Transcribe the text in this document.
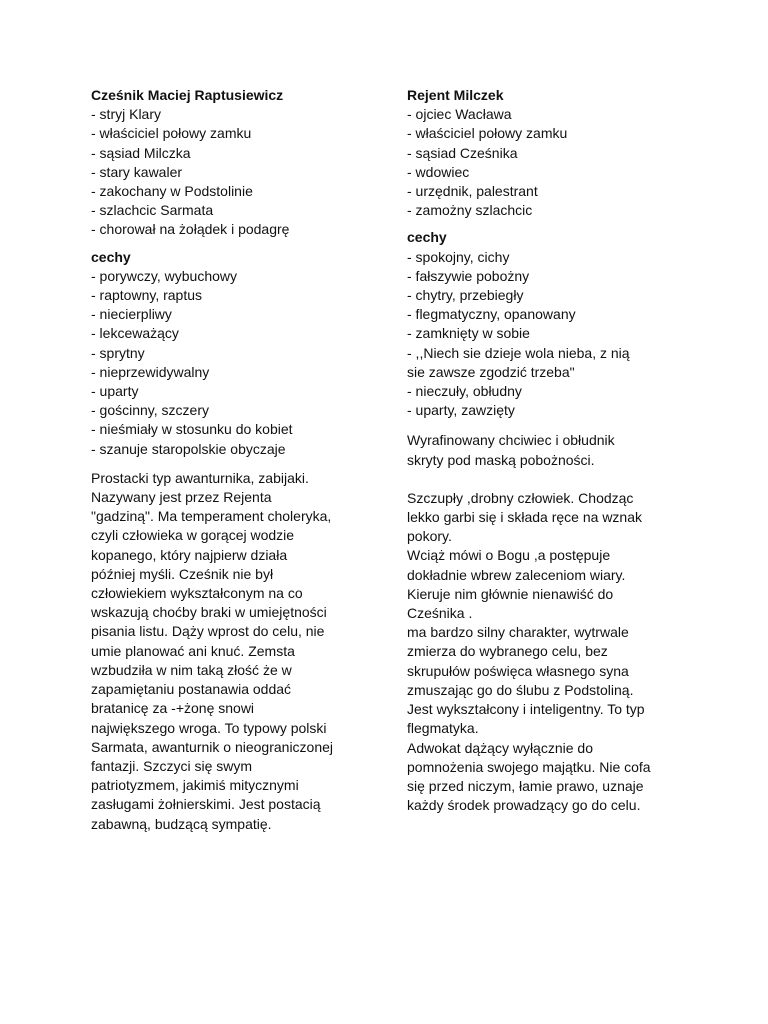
Cześnik Maciej Raptusiewicz
- stryj Klary
- właściciel połowy zamku
- sąsiad Milczka
- stary kawaler
- zakochany w Podstolinie
- szlachcic Sarmata
- chorował na żołądek i podagrę
cechy
- porywczy, wybuchowy
- raptowny, raptus
- niecierpliwy
- lekceważący
- sprytny
- nieprzewidywalny
- uparty
- gościnny, szczery
- nieśmiały w stosunku do kobiet
- szanuje staropolskie obyczaje
Prostacki typ awanturnika, zabijaki.
Nazywany jest przez Rejenta
"gadziną". Ma temperament choleryka,
czyli człowieka w gorącej wodzie
kopanego, który najpierw działa
później myśli. Cześnik nie był
człowiekiem wykształconym na co
wskazują choćby braki w umiejętności
pisania listu. Dąży wprost do celu, nie
umie planować ani knuć. Zemsta
wzbudziła w nim taką złość że w
zapamiętaniu postanawia oddać
bratanicę za -+żonę snowi
największego wroga. To typowy polski
Sarmata, awanturnik o nieograniczonej
fantazji. Szczyci się swym
patriotyzmem, jakimiś mitycznymi
zasługami żołnierskimi. Jest postacią
zabawną, budzącą sympatię.
Rejent Milczek
- ojciec Wacława
- właściciel połowy zamku
- sąsiad Cześnika
- wdowiec
- urzędnik, palestrant
- zamożny szlachcic
cechy
- spokojny, cichy
- fałszywie pobożny
- chytry, przebiegły
- flegmatyczny, opanowany
- zamknięty w sobie
- ,,Niech sie dzieje wola nieba, z nią
sie zawsze zgodzić trzeba"
- nieczuły, obłudny
- uparty, zawzięty
Wyrafinowany chciwiec i obłudnik
skryty pod maską pobożności.
Szczupły ,drobny człowiek. Chodząc
lekko garbi się i składa ręce na wznak
pokory.
Wciąż mówi o Bogu ,a postępuje
dokładnie wbrew zaleceniom wiary.
Kieruje nim głównie nienawiść do
Cześnika .
ma bardzo silny charakter, wytrwale
zmierza do wybranego celu, bez
skrupułów poświęca własnego syna
zmuszając go do ślubu z Podstoliną.
Jest wykształcony i inteligentny. To typ
flegmatyka.
Adwokat dążący wyłącznie do
pomnożenia swojego majątku. Nie cofa
się przed niczym, łamie prawo, uznaje
każdy środek prowadzący go do celu.
